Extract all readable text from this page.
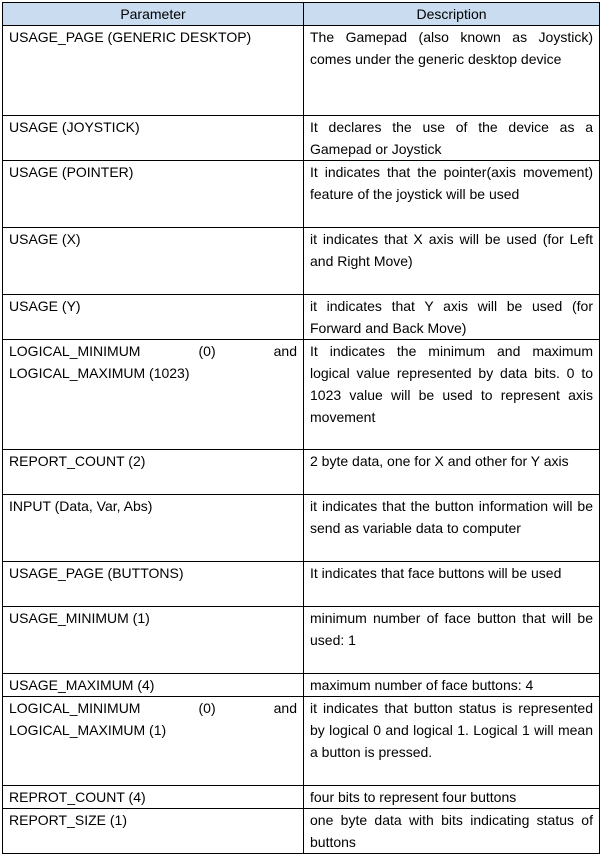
Parameter	Description
USAGE_PAGE (GENERIC DESKTOP)	The Gamepad (also known as Joystick) comes under the generic desktop device
USAGE (JOYSTICK)	It declares the use of the device as a Gamepad or Joystick
USAGE (POINTER)	It indicates that the pointer(axis movement) feature of the joystick will be used
USAGE (X)	it indicates that X axis will be used (for Left and Right Move)
USAGE (Y)	it indicates that Y axis will be used (for Forward and Back Move)
LOGICAL_MINIMUM (0) and LOGICAL_MAXIMUM (1023)	It indicates the minimum and maximum logical value represented by data bits. 0 to 1023 value will be used to represent axis movement
REPORT_COUNT (2)	2 byte data, one for X and other for Y axis
INPUT (Data, Var, Abs)	it indicates that the button information will be send as variable data to computer
USAGE_PAGE (BUTTONS)	It indicates that face buttons will be used
USAGE_MINIMUM (1)	minimum number of face button that will be used: 1
USAGE_MAXIMUM (4)	maximum number of face buttons: 4
LOGICAL_MINIMUM (0) and LOGICAL_MAXIMUM (1)	it indicates that button status is represented by logical 0 and logical 1. Logical 1 will mean a button is pressed.
REPROT_COUNT (4)	four bits to represent four buttons
REPORT_SIZE (1)	one byte data with bits indicating status of buttons
